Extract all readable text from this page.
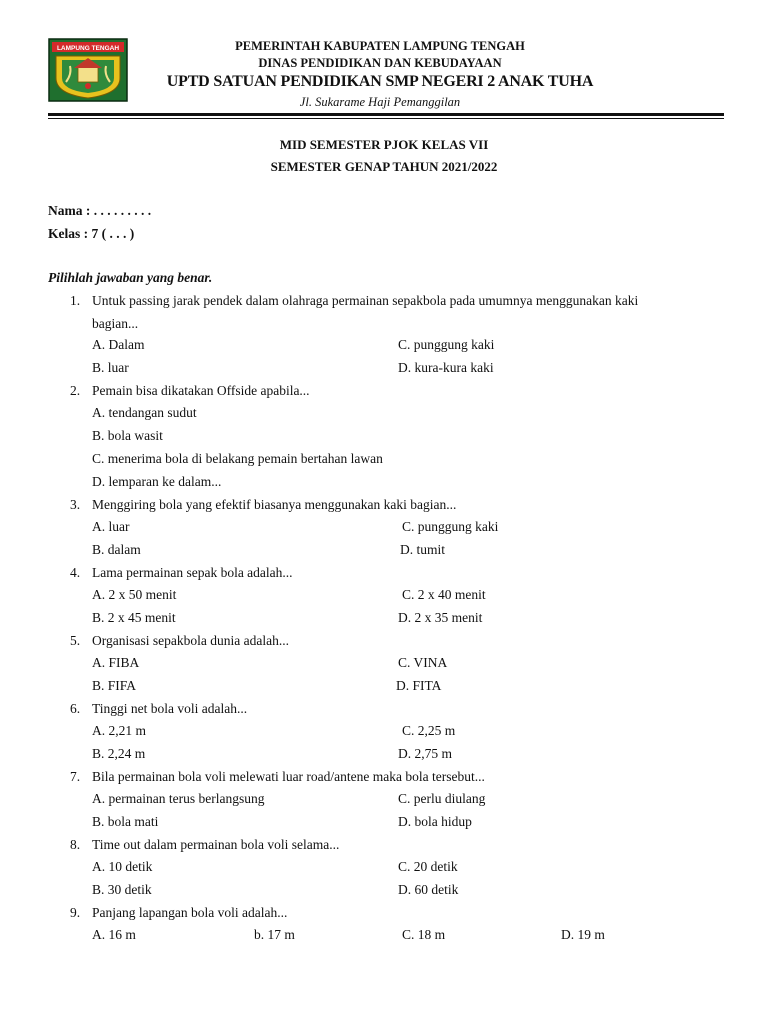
LAMPUNG TENGAH	PEMERINTAH KABUPATEN LAMPUNG TENGAH
DINAS PENDIDIKAN DAN KEBUDAYAAN
UPTD SATUAN PENDIDIKAN SMP NEGERI 2 ANAK TUHA
Jl. Sukarame Haji Pemanggilan
MID SEMESTER PJOK KELAS VII
SEMESTER GENAP TAHUN 2021/2022
Nama : . . . . . . . . .
Kelas : 7 ( . . . )
Pilihlah jawaban yang benar.
1. Untuk passing jarak pendek dalam olahraga permainan sepakbola pada umumnya menggunakan kaki
bagian...
A. Dalam	C. punggung kaki
B. luar	D. kura-kura kaki
2. Pemain bisa dikatakan Offside apabila...
A. tendangan sudut
B. bola wasit
C. menerima bola di belakang pemain bertahan lawan
D. lemparan ke dalam...
3. Menggiring bola yang efektif biasanya menggunakan kaki bagian...
A. luar	C. punggung kaki
B. dalam	D. tumit
4. Lama permainan sepak bola adalah...
A. 2 x 50 menit	C. 2 x 40 menit
B. 2 x 45 menit	D. 2 x 35 menit
5. Organisasi sepakbola dunia adalah...
A. FIBA	C. VINA
B. FIFA	D. FITA
6. Tinggi net bola voli adalah...
A. 2,21 m	C. 2,25 m
B. 2,24 m	D. 2,75 m
7. Bila permainan bola voli melewati luar road/antene maka bola tersebut...
A. permainan terus berlangsung	C. perlu diulang
B. bola mati	D. bola hidup
8. Time out dalam permainan bola voli selama...
A. 10 detik	C. 20 detik
B. 30 detik	D. 60 detik
9. Panjang lapangan bola voli adalah...
A. 16 m	b. 17 m	C. 18 m	D. 19 m
